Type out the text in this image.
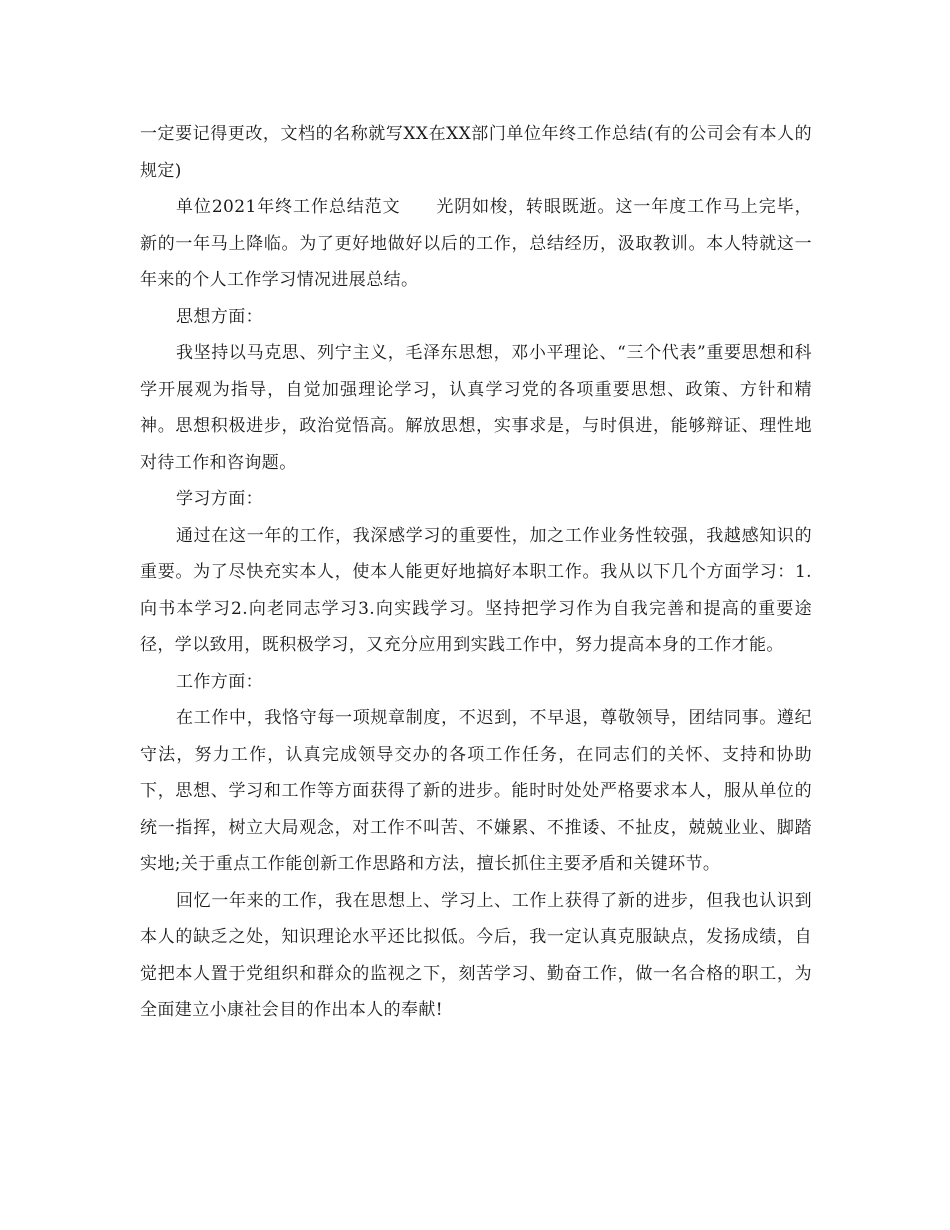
一定要记得更改，文档的名称就写XX在XX部门单位年终工作总结(有的公司会有本人的规定)

单位2021年终工作总结范文　　光阴如梭，转眼既逝。这一年度工作马上完毕，新的一年马上降临。为了更好地做好以后的工作，总结经历，汲取教训。本人特就这一年来的个人工作学习情况进展总结。

思想方面：

我坚持以马克思、列宁主义，毛泽东思想，邓小平理论、“三个代表”重要思想和科学开展观为指导，自觉加强理论学习，认真学习党的各项重要思想、政策、方针和精神。思想积极进步，政治觉悟高。解放思想，实事求是，与时俱进，能够辩证、理性地对待工作和咨询题。

学习方面：

通过在这一年的工作，我深感学习的重要性，加之工作业务性较强，我越感知识的重要。为了尽快充实本人，使本人能更好地搞好本职工作。我从以下几个方面学习：1.向书本学习2.向老同志学习3.向实践学习。坚持把学习作为自我完善和提高的重要途径，学以致用，既积极学习，又充分应用到实践工作中，努力提高本身的工作才能。

工作方面：

在工作中，我恪守每一项规章制度，不迟到，不早退，尊敬领导，团结同事。遵纪守法，努力工作，认真完成领导交办的各项工作任务，在同志们的关怀、支持和协助下，思想、学习和工作等方面获得了新的进步。能时时处处严格要求本人，服从单位的统一指挥，树立大局观念，对工作不叫苦、不嫌累、不推诿、不扯皮，兢兢业业、脚踏实地;关于重点工作能创新工作思路和方法，擅长抓住主要矛盾和关键环节。

回忆一年来的工作，我在思想上、学习上、工作上获得了新的进步，但我也认识到本人的缺乏之处，知识理论水平还比拟低。今后，我一定认真克服缺点，发扬成绩，自觉把本人置于党组织和群众的监视之下，刻苦学习、勤奋工作，做一名合格的职工，为全面建立小康社会目的作出本人的奉献!
